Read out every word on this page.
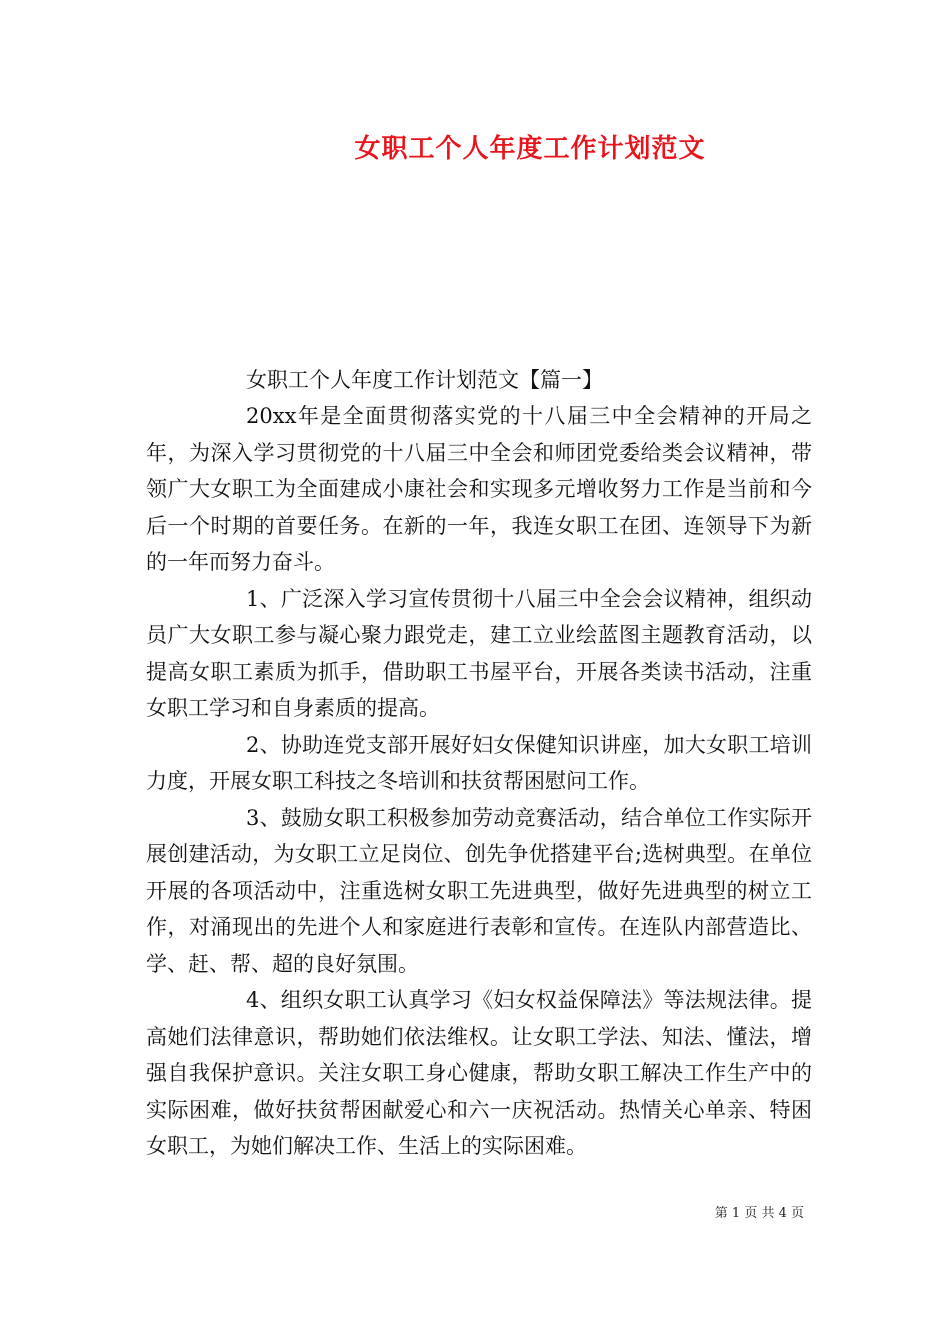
女职工个人年度工作计划范文
女职工个人年度工作计划范文【篇一】

20xx年是全面贯彻落实党的十八届三中全会精神的开局之年，为深入学习贯彻党的十八届三中全会和师团党委给类会议精神，带领广大女职工为全面建成小康社会和实现多元增收努力工作是当前和今后一个时期的首要任务。在新的一年，我连女职工在团、连领导下为新的一年而努力奋斗。

1、广泛深入学习宣传贯彻十八届三中全会会议精神，组织动员广大女职工参与凝心聚力跟党走，建工立业绘蓝图主题教育活动，以提高女职工素质为抓手，借助职工书屋平台，开展各类读书活动，注重女职工学习和自身素质的提高。

2、协助连党支部开展好妇女保健知识讲座，加大女职工培训力度，开展女职工科技之冬培训和扶贫帮困慰问工作。

3、鼓励女职工积极参加劳动竞赛活动，结合单位工作实际开展创建活动，为女职工立足岗位、创先争优搭建平台;选树典型。在单位开展的各项活动中，注重选树女职工先进典型，做好先进典型的树立工作，对涌现出的先进个人和家庭进行表彰和宣传。在连队内部营造比、学、赶、帮、超的良好氛围。

4、组织女职工认真学习《妇女权益保障法》等法规法律。提高她们法律意识，帮助她们依法维权。让女职工学法、知法、懂法，增强自我保护意识。关注女职工身心健康，帮助女职工解决工作生产中的实际困难，做好扶贫帮困献爱心和六一庆祝活动。热情关心单亲、特困女职工，为她们解决工作、生活上的实际困难。

第 1 页 共 4 页
